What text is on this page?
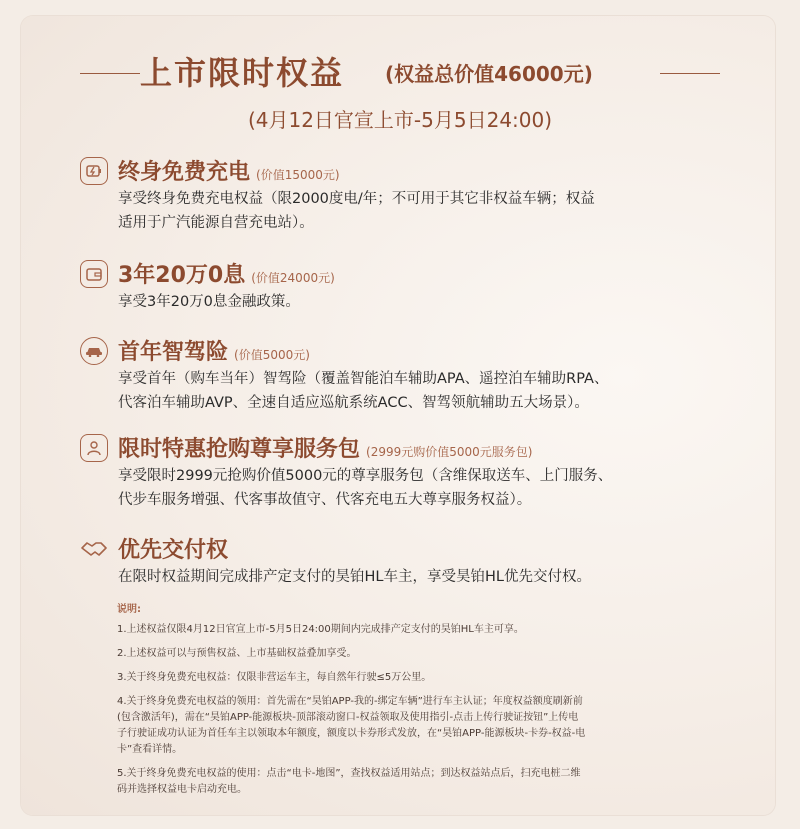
上市限时权益 (权益总价值46000元)
(4月12日官宣上市-5月5日24:00)
终身免费充电 (价值15000元)
享受终身免费充电权益（限2000度电/年；不可用于其它非权益车辆；权益
适用于广汽能源自营充电站）。
3年20万0息 (价值24000元)
享受3年20万0息金融政策。
首年智驾险 (价值5000元)
享受首年（购车当年）智驾险（覆盖智能泊车辅助APA、遥控泊车辅助RPA、
代客泊车辅助AVP、全速自适应巡航系统ACC、智驾领航辅助五大场景）。
限时特惠抢购尊享服务包 (2999元购价值5000元服务包)
享受限时2999元抢购价值5000元的尊享服务包（含维保取送车、上门服务、
代步车服务增强、代客事故值守、代客充电五大尊享服务权益）。
优先交付权
在限时权益期间完成排产定支付的昊铂HL车主，享受昊铂HL优先交付权。
说明:
1.上述权益仅限4月12日官宣上市-5月5日24:00期间内完成排产定支付的昊铂HL车主可享。
2.上述权益可以与预售权益、上市基础权益叠加享受。
3.关于终身免费充电权益：仅限非营运车主，每自然年行驶≤5万公里。
4.关于终身免费充电权益的领用：首先需在“昊铂APP-我的-绑定车辆”进行车主认证；年度权益额度刷新前
(包含激活年)，需在“昊铂APP-能源板块-顶部滚动窗口-权益领取及使用指引-点击上传行驶证按钮”上传电
子行驶证成功认证为首任车主以领取本年额度，额度以卡券形式发放，在“昊铂APP-能源板块-卡券-权益-电
卡”查看详情。
5.关于终身免费充电权益的使用：点击“电卡-地图”，查找权益适用站点；到达权益站点后，扫充电桩二维
码并选择权益电卡启动充电。
